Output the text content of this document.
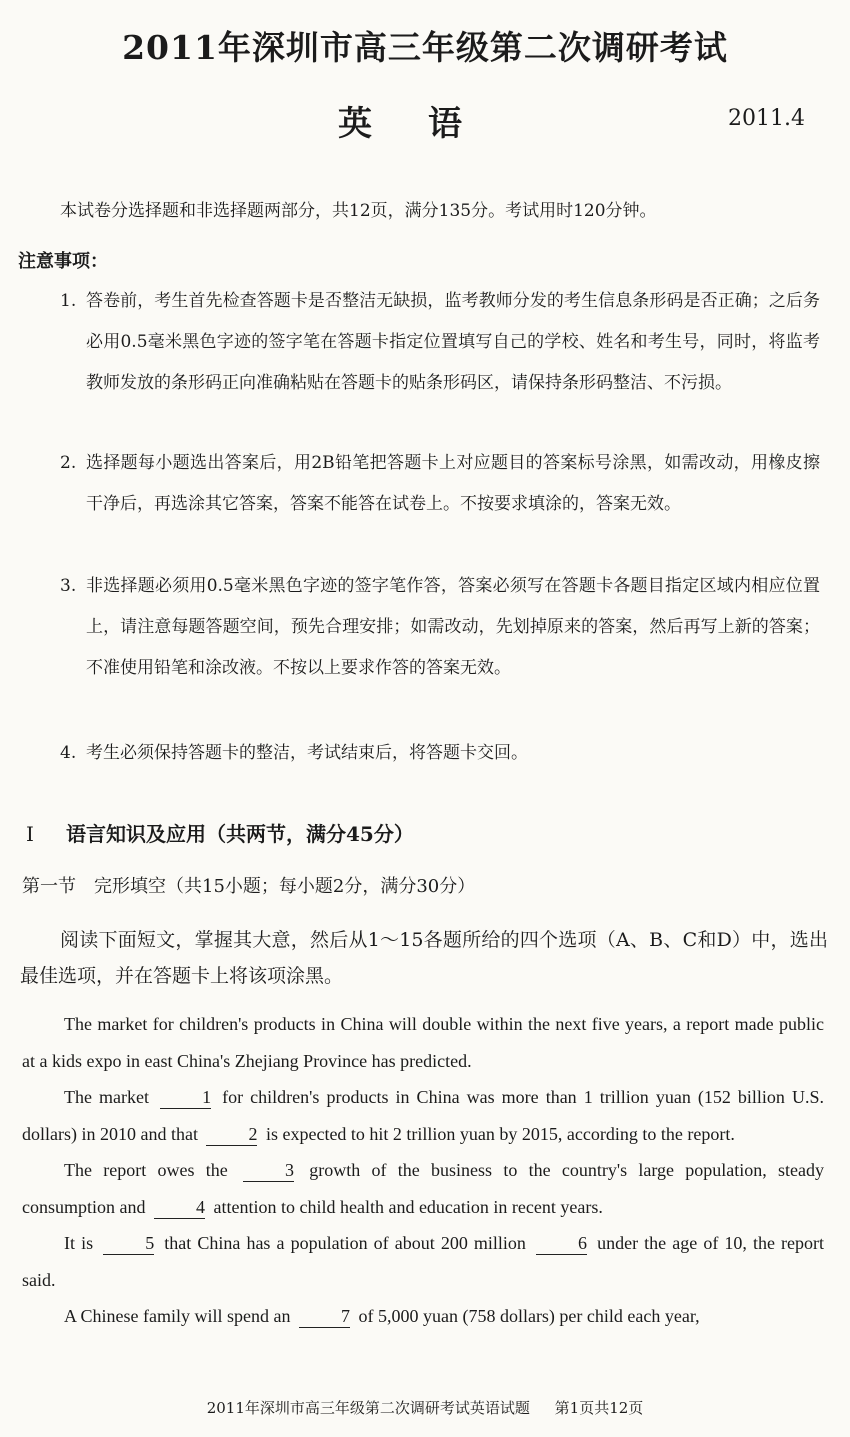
2011年深圳市高三年级第二次调研考试
英语	2011.4
本试卷分选择题和非选择题两部分，共12页，满分135分。考试用时120分钟。
注意事项：
1. 答卷前，考生首先检查答题卡是否整洁无缺损，监考教师分发的考生信息条形码是否正确；之后务必用0.5毫米黑色字迹的签字笔在答题卡指定位置填写自己的学校、姓名和考生号，同时，将监考教师发放的条形码正向准确粘贴在答题卡的贴条形码区，请保持条形码整洁、不污损。
2. 选择题每小题选出答案后，用2B铅笔把答题卡上对应题目的答案标号涂黑，如需改动，用橡皮擦干净后，再选涂其它答案，答案不能答在试卷上。不按要求填涂的，答案无效。
3. 非选择题必须用0.5毫米黑色字迹的签字笔作答，答案必须写在答题卡各题目指定区域内相应位置上，请注意每题答题空间，预先合理安排；如需改动，先划掉原来的答案，然后再写上新的答案；不准使用铅笔和涂改液。不按以上要求作答的答案无效。
4. 考生必须保持答题卡的整洁，考试结束后，将答题卡交回。
I 语言知识及应用（共两节，满分45分）
第一节　完形填空（共15小题；每小题2分，满分30分）
阅读下面短文，掌握其大意，然后从1～15各题所给的四个选项（A、B、C和D）中，选出最佳选项，并在答题卡上将该项涂黑。

The market for children's products in China will double within the next five years, a report made public at a kids expo in east China's Zhejiang Province has predicted.

The market	1 for children's products in China was more than 1 trillion yuan (152 billion U.S. dollars) in 2010 and that	2 is expected to hit 2 trillion yuan by 2015, according to the report.

The report owes the	3 growth of the business to the country's large population, steady consumption and	4 attention to child health and education in recent years.

It is	5 that China has a population of about 200 million	6 under the age of 10, the report said.

A Chinese family will spend an	7 of 5,000 yuan (758 dollars) per child each year,

2011年深圳市高三年级第二次调研考试英语试题 第1页共12页
